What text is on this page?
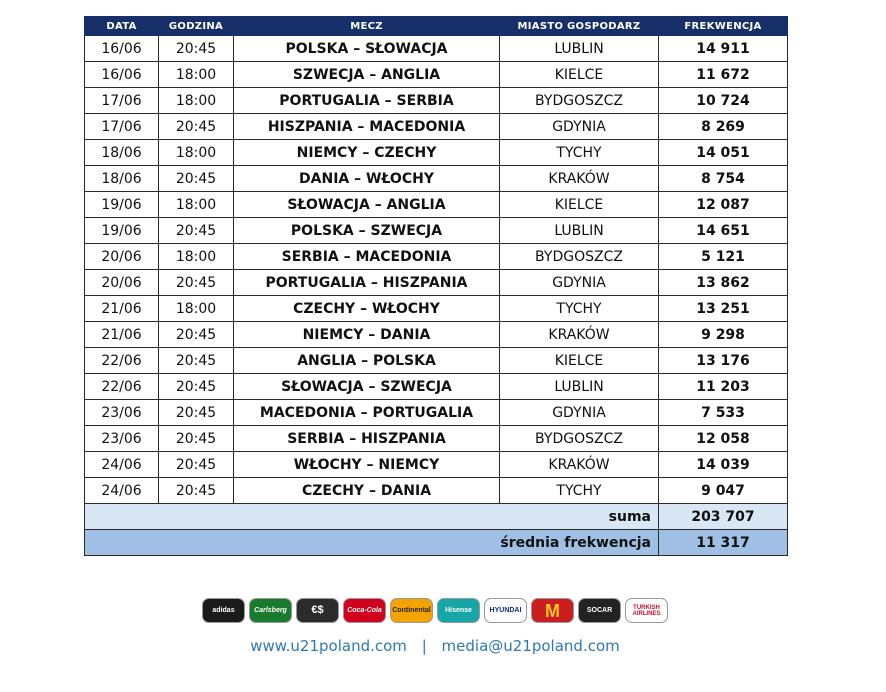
DATA	GODZINA	MECZ	MIASTO GOSPODARZ	FREKWENCJA
16/06	20:45	POLSKA – SŁOWACJA	LUBLIN	14 911
16/06	18:00	SZWECJA – ANGLIA	KIELCE	11 672
17/06	18:00	PORTUGALIA – SERBIA	BYDGOSZCZ	10 724
17/06	20:45	HISZPANIA – MACEDONIA	GDYNIA	8 269
18/06	18:00	NIEMCY – CZECHY	TYCHY	14 051
18/06	20:45	DANIA – WŁOCHY	KRAKÓW	8 754
19/06	18:00	SŁOWACJA – ANGLIA	KIELCE	12 087
19/06	20:45	POLSKA – SZWECJA	LUBLIN	14 651
20/06	18:00	SERBIA – MACEDONIA	BYDGOSZCZ	5 121
20/06	20:45	PORTUGALIA – HISZPANIA	GDYNIA	13 862
21/06	18:00	CZECHY – WŁOCHY	TYCHY	13 251
21/06	20:45	NIEMCY – DANIA	KRAKÓW	9 298
22/06	20:45	ANGLIA – POLSKA	KIELCE	13 176
22/06	20:45	SŁOWACJA – SZWECJA	LUBLIN	11 203
23/06	20:45	MACEDONIA – PORTUGALIA	GDYNIA	7 533
23/06	20:45	SERBIA – HISZPANIA	BYDGOSZCZ	12 058
24/06	20:45	WŁOCHY – NIEMCY	KRAKÓW	14 039
24/06	20:45	CZECHY – DANIA	TYCHY	9 047
suma				203 707
średnia frekwencja				11 317
adidas	Carlsberg	€$	Coca-Cola	Continental	Hisense	HYUNDAI	M	SOCAR	TURKISH AIRLINES
www.u21poland.com | media@u21poland.com
